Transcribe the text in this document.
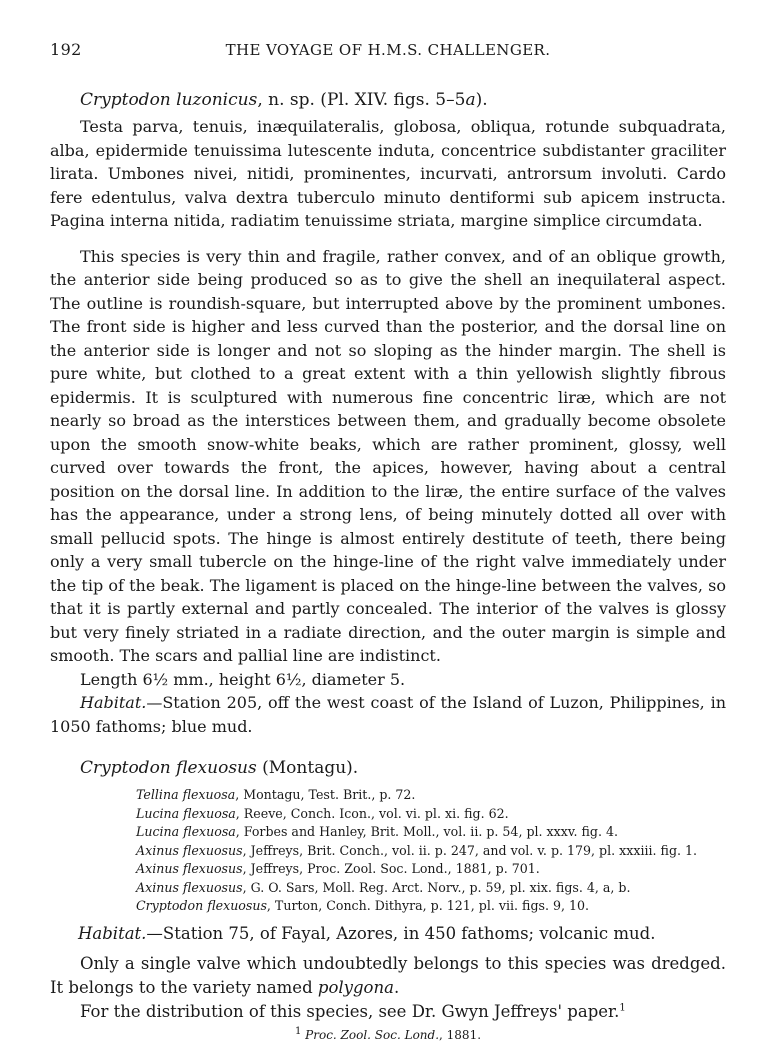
192	THE VOYAGE OF H.M.S. CHALLENGER.
Cryptodon luzonicus, n. sp. (Pl. XIV. figs. 5–5a).

Testa parva, tenuis, inæquilateralis, globosa, obliqua, rotunde subquadrata, alba, epidermide tenuissima lutescente induta, concentrice subdistanter graciliter lirata. Umbones nivei, nitidi, prominentes, incurvati, antrorsum involuti. Cardo fere edentulus, valva dextra tuberculo minuto dentiformi sub apicem instructa. Pagina interna nitida, radiatim tenuissime striata, margine simplice circumdata.

This species is very thin and fragile, rather convex, and of an oblique growth, the anterior side being produced so as to give the shell an inequilateral aspect. The outline is roundish-square, but interrupted above by the prominent umbones. The front side is higher and less curved than the posterior, and the dorsal line on the anterior side is longer and not so sloping as the hinder margin. The shell is pure white, but clothed to a great extent with a thin yellowish slightly fibrous epidermis. It is sculptured with numerous fine concentric liræ, which are not nearly so broad as the interstices between them, and gradually become obsolete upon the smooth snow-white beaks, which are rather prominent, glossy, well curved over towards the front, the apices, however, having about a central position on the dorsal line. In addition to the liræ, the entire surface of the valves has the appearance, under a strong lens, of being minutely dotted all over with small pellucid spots. The hinge is almost entirely destitute of teeth, there being only a very small tubercle on the hinge-line of the right valve immediately under the tip of the beak. The ligament is placed on the hinge-line between the valves, so that it is partly external and partly concealed. The interior of the valves is glossy but very finely striated in a radiate direction, and the outer margin is simple and smooth. The scars and pallial line are indistinct.

Length 6½ mm., height 6½, diameter 5.

Habitat.—Station 205, off the west coast of the Island of Luzon, Philippines, in 1050 fathoms; blue mud.

Cryptodon flexuosus (Montagu).
Tellina flexuosa, Montagu, Test. Brit., p. 72.
Lucina flexuosa, Reeve, Conch. Icon., vol. vi. pl. xi. fig. 62.
Lucina flexuosa, Forbes and Hanley, Brit. Moll., vol. ii. p. 54, pl. xxxv. fig. 4.
Axinus flexuosus, Jeffreys, Brit. Conch., vol. ii. p. 247, and vol. v. p. 179, pl. xxxiii. fig. 1.
Axinus flexuosus, Jeffreys, Proc. Zool. Soc. Lond., 1881, p. 701.
Axinus flexuosus, G. O. Sars, Moll. Reg. Arct. Norv., p. 59, pl. xix. figs. 4, a, b.
Cryptodon flexuosus, Turton, Conch. Dithyra, p. 121, pl. vii. figs. 9, 10.

Habitat.—Station 75, of Fayal, Azores, in 450 fathoms; volcanic mud.

Only a single valve which undoubtedly belongs to this species was dredged. It belongs to the variety named polygona.

For the distribution of this species, see Dr. Gwyn Jeffreys' paper.$^1$

$^1$ Proc. Zool. Soc. Lond., 1881.
